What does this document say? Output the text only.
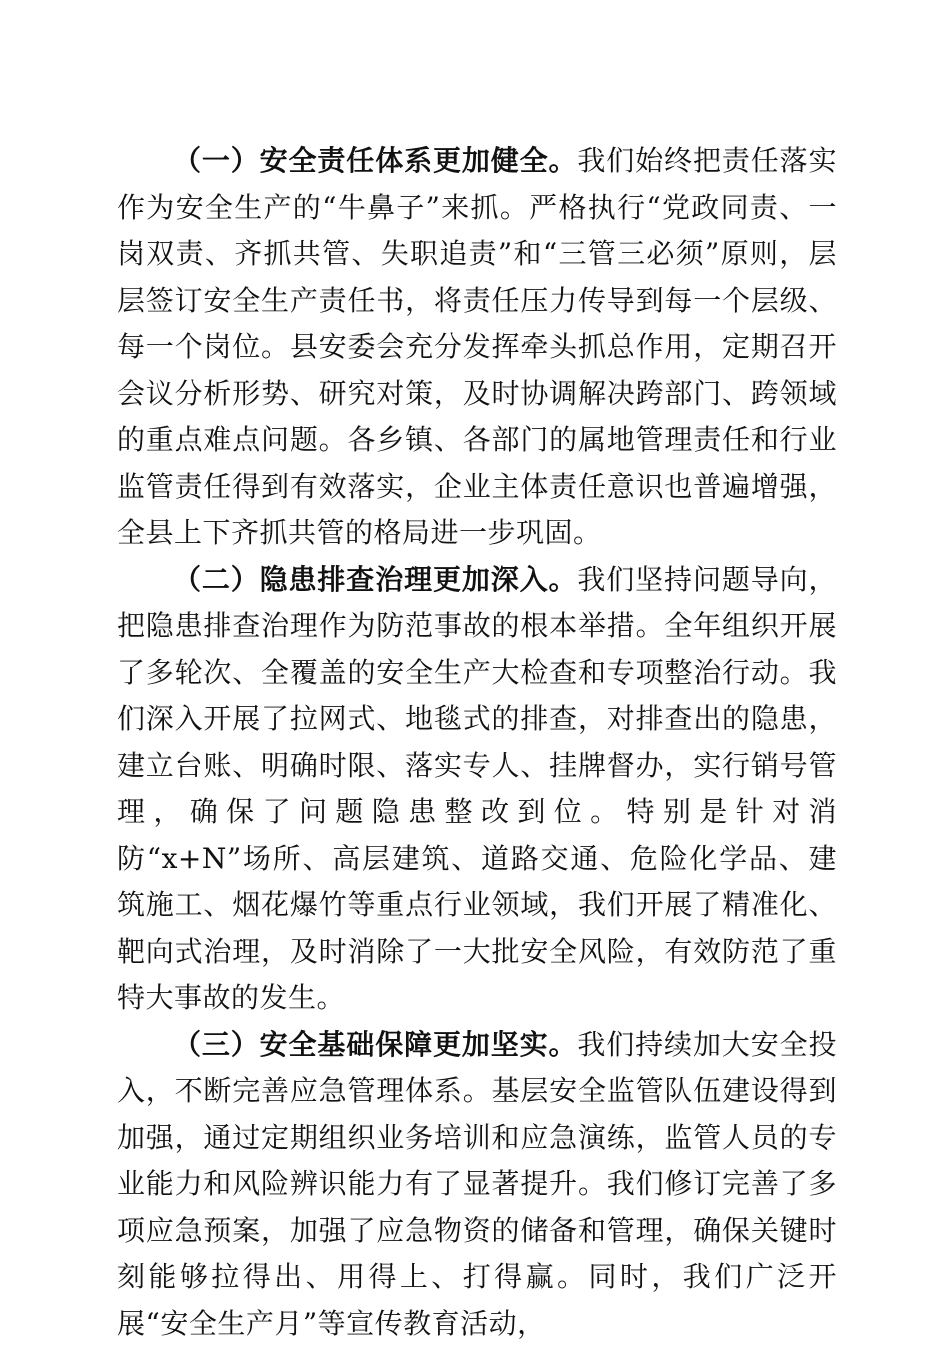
（一）安全责任体系更加健全。我们始终把责任落实作为安全生产的“牛鼻子”来抓。严格执行“党政同责、一岗双责、齐抓共管、失职追责”和“三管三必须”原则，层层签订安全生产责任书，将责任压力传导到每一个层级、每一个岗位。县安委会充分发挥牵头抓总作用，定期召开会议分析形势、研究对策，及时协调解决跨部门、跨领域的重点难点问题。各乡镇、各部门的属地管理责任和行业监管责任得到有效落实，企业主体责任意识也普遍增强，全县上下齐抓共管的格局进一步巩固。

（二）隐患排查治理更加深入。我们坚持问题导向，把隐患排查治理作为防范事故的根本举措。全年组织开展了多轮次、全覆盖的安全生产大检查和专项整治行动。我们深入开展了拉网式、地毯式的排查，对排查出的隐患，建立台账、明确时限、落实专人、挂牌督办，实行销号管理，确保了问题隐患整改到位。特别是针对消防“x+N”场所、高层建筑、道路交通、危险化学品、建筑施工、烟花爆竹等重点行业领域，我们开展了精准化、靶向式治理，及时消除了一大批安全风险，有效防范了重特大事故的发生。

（三）安全基础保障更加坚实。我们持续加大安全投入，不断完善应急管理体系。基层安全监管队伍建设得到加强，通过定期组织业务培训和应急演练，监管人员的专业能力和风险辨识能力有了显著提升。我们修订完善了多项应急预案，加强了应急物资的储备和管理，确保关键时刻能够拉得出、用得上、打得赢。同时，我们广泛开展“安全生产月”等宣传教育活动，
